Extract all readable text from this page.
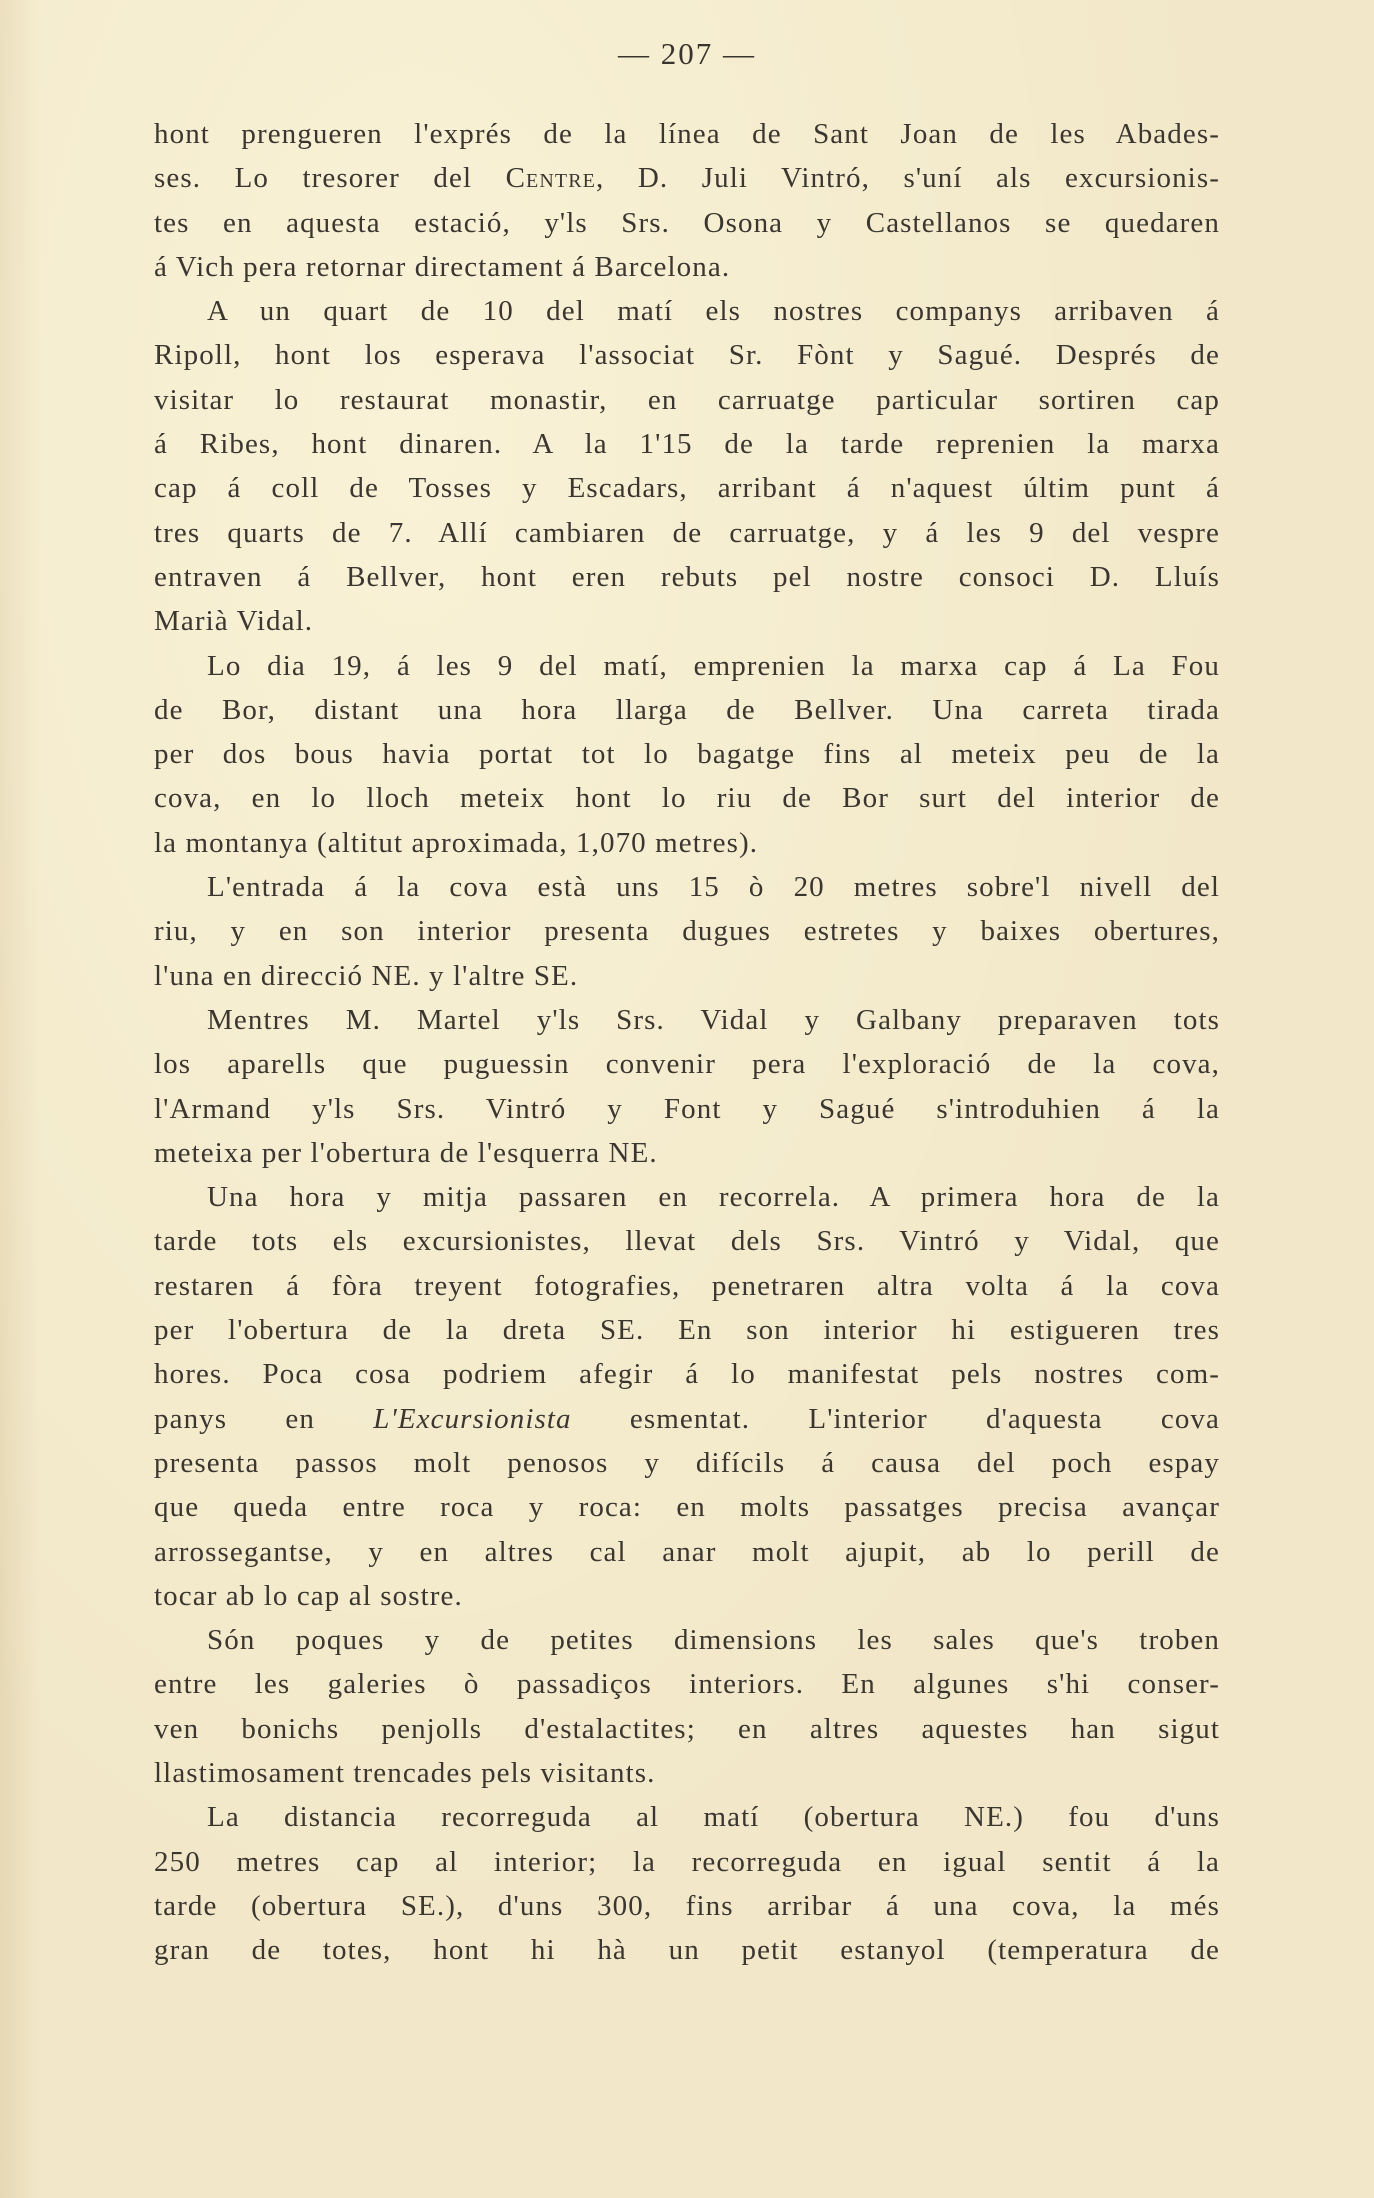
— 207 —
hont prengueren l'exprés de la línea de Sant Joan de les Abades-
ses. Lo tresorer del Centre, D. Juli Vintró, s'uní als excursionis-
tes en aquesta estació, y'ls Srs. Osona y Castellanos se quedaren
á Vich pera retornar directament á Barcelona.
A un quart de 10 del matí els nostres companys arribaven á
Ripoll, hont los esperava l'associat Sr. Fònt y Sagué. Després de
visitar lo restaurat monastir, en carruatge particular sortiren cap
á Ribes, hont dinaren. A la 1'15 de la tarde reprenien la marxa
cap á coll de Tosses y Escadars, arribant á n'aquest últim punt á
tres quarts de 7. Allí cambiaren de carruatge, y á les 9 del vespre
entraven á Bellver, hont eren rebuts pel nostre consoci D. Lluís
Marià Vidal.
Lo dia 19, á les 9 del matí, emprenien la marxa cap á La Fou
de Bor, distant una hora llarga de Bellver. Una carreta tirada
per dos bous havia portat tot lo bagatge fins al meteix peu de la
cova, en lo lloch meteix hont lo riu de Bor surt del interior de
la montanya (altitut aproximada, 1,070 metres).
L'entrada á la cova està uns 15 ò 20 metres sobre'l nivell del
riu, y en son interior presenta dugues estretes y baixes obertures,
l'una en direcció NE. y l'altre SE.
Mentres M. Martel y'ls Srs. Vidal y Galbany preparaven tots
los aparells que puguessin convenir pera l'exploració de la cova,
l'Armand y'ls Srs. Vintró y Font y Sagué s'introduhien á la
meteixa per l'obertura de l'esquerra NE.
Una hora y mitja passaren en recorrela. A primera hora de la
tarde tots els excursionistes, llevat dels Srs. Vintró y Vidal, que
restaren á fòra treyent fotografies, penetraren altra volta á la cova
per l'obertura de la dreta SE. En son interior hi estigueren tres
hores. Poca cosa podriem afegir á lo manifestat pels nostres com-
panys en L'Excursionista esmentat. L'interior d'aquesta cova
presenta passos molt penosos y difícils á causa del poch espay
que queda entre roca y roca: en molts passatges precisa avançar
arrossegantse, y en altres cal anar molt ajupit, ab lo perill de
tocar ab lo cap al sostre.
Són poques y de petites dimensions les sales que's troben
entre les galeries ò passadiços interiors. En algunes s'hi conser-
ven bonichs penjolls d'estalactites; en altres aquestes han sigut
llastimosament trencades pels visitants.
La distancia recorreguda al matí (obertura NE.) fou d'uns
250 metres cap al interior; la recorreguda en igual sentit á la
tarde (obertura SE.), d'uns 300, fins arribar á una cova, la més
gran de totes, hont hi hà un petit estanyol (temperatura de
